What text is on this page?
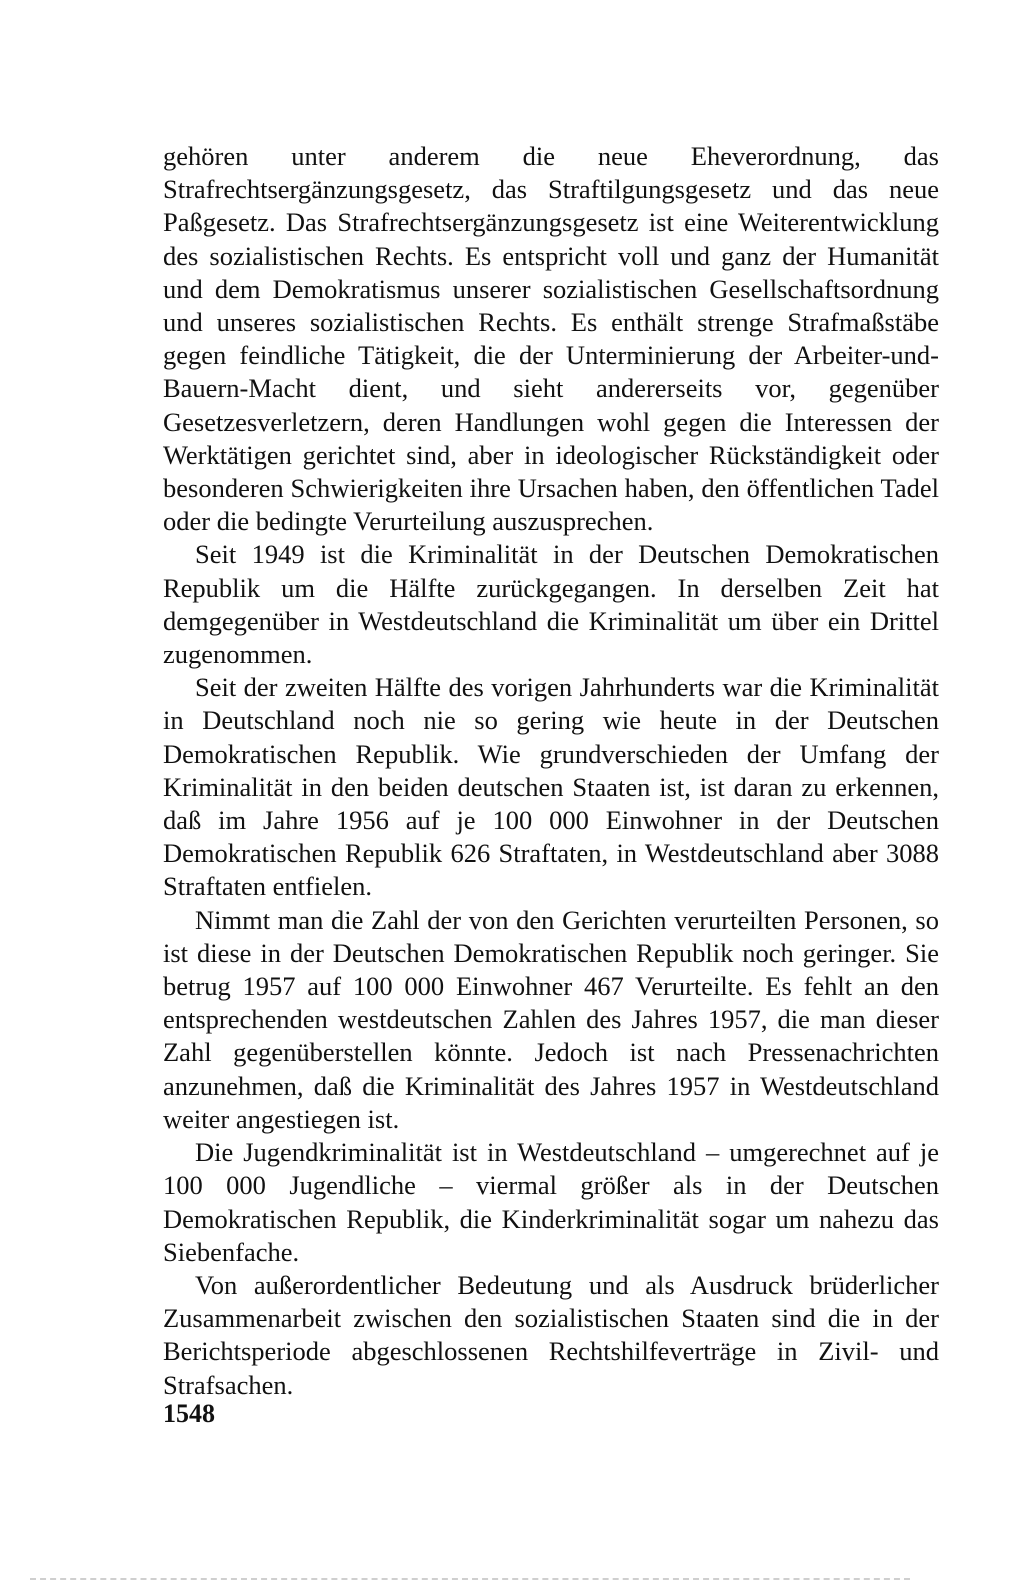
gehören unter anderem die neue Eheverordnung, das Strafrechtsergänzungsgesetz, das Straftilgungsgesetz und das neue Paßgesetz. Das Strafrechtsergänzungsgesetz ist eine Weiterentwicklung des sozialistischen Rechts. Es entspricht voll und ganz der Humanität und dem Demokratismus unserer sozialistischen Gesellschaftsordnung und unseres sozialistischen Rechts. Es enthält strenge Strafmaßstäbe gegen feindliche Tätigkeit, die der Unterminierung der Arbeiter-und-Bauern-Macht dient, und sieht andererseits vor, gegenüber Gesetzesverletzern, deren Handlungen wohl gegen die Interessen der Werktätigen gerichtet sind, aber in ideologischer Rückständigkeit oder besonderen Schwierigkeiten ihre Ursachen haben, den öffentlichen Tadel oder die bedingte Verurteilung auszusprechen.

Seit 1949 ist die Kriminalität in der Deutschen Demokratischen Republik um die Hälfte zurückgegangen. In derselben Zeit hat demgegenüber in Westdeutschland die Kriminalität um über ein Drittel zugenommen.

Seit der zweiten Hälfte des vorigen Jahrhunderts war die Kriminalität in Deutschland noch nie so gering wie heute in der Deutschen Demokratischen Republik. Wie grundverschieden der Umfang der Kriminalität in den beiden deutschen Staaten ist, ist daran zu erkennen, daß im Jahre 1956 auf je 100 000 Einwohner in der Deutschen Demokratischen Republik 626 Straftaten, in Westdeutschland aber 3088 Straftaten entfielen.

Nimmt man die Zahl der von den Gerichten verurteilten Personen, so ist diese in der Deutschen Demokratischen Republik noch geringer. Sie betrug 1957 auf 100 000 Einwohner 467 Verurteilte. Es fehlt an den entsprechenden westdeutschen Zahlen des Jahres 1957, die man dieser Zahl gegenüberstellen könnte. Jedoch ist nach Pressenachrichten anzunehmen, daß die Kriminalität des Jahres 1957 in Westdeutschland weiter angestiegen ist.

Die Jugendkriminalität ist in Westdeutschland – umgerechnet auf je 100 000 Jugendliche – viermal größer als in der Deutschen Demokratischen Republik, die Kinderkriminalität sogar um nahezu das Siebenfache.

Von außerordentlicher Bedeutung und als Ausdruck brüderlicher Zusammenarbeit zwischen den sozialistischen Staaten sind die in der Berichtsperiode abgeschlossenen Rechtshilfeverträge in Zivil- und Strafsachen.

1548
